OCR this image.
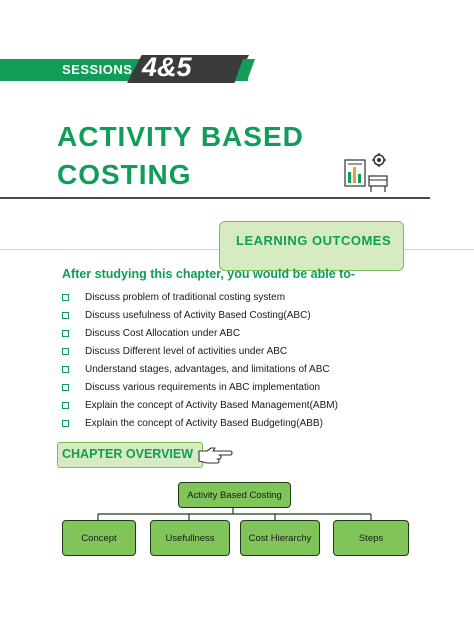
SESSIONS 4&5
ACTIVITY BASED
COSTING
LEARNING OUTCOMES
After studying this chapter, you would be able to-
Discuss problem of traditional costing system
Discuss usefulness of Activity Based Costing(ABC)
Discuss Cost Allocation under ABC
Discuss Different level of activities under ABC
Understand stages, advantages, and limitations of ABC
Discuss various requirements in ABC implementation
Explain the concept of Activity Based Management(ABM)
Explain the concept of Activity Based Budgeting(ABB)
CHAPTER OVERVIEW
Activity Based Costing
Concept	Usefullness	Cost Hierarchy	Steps
